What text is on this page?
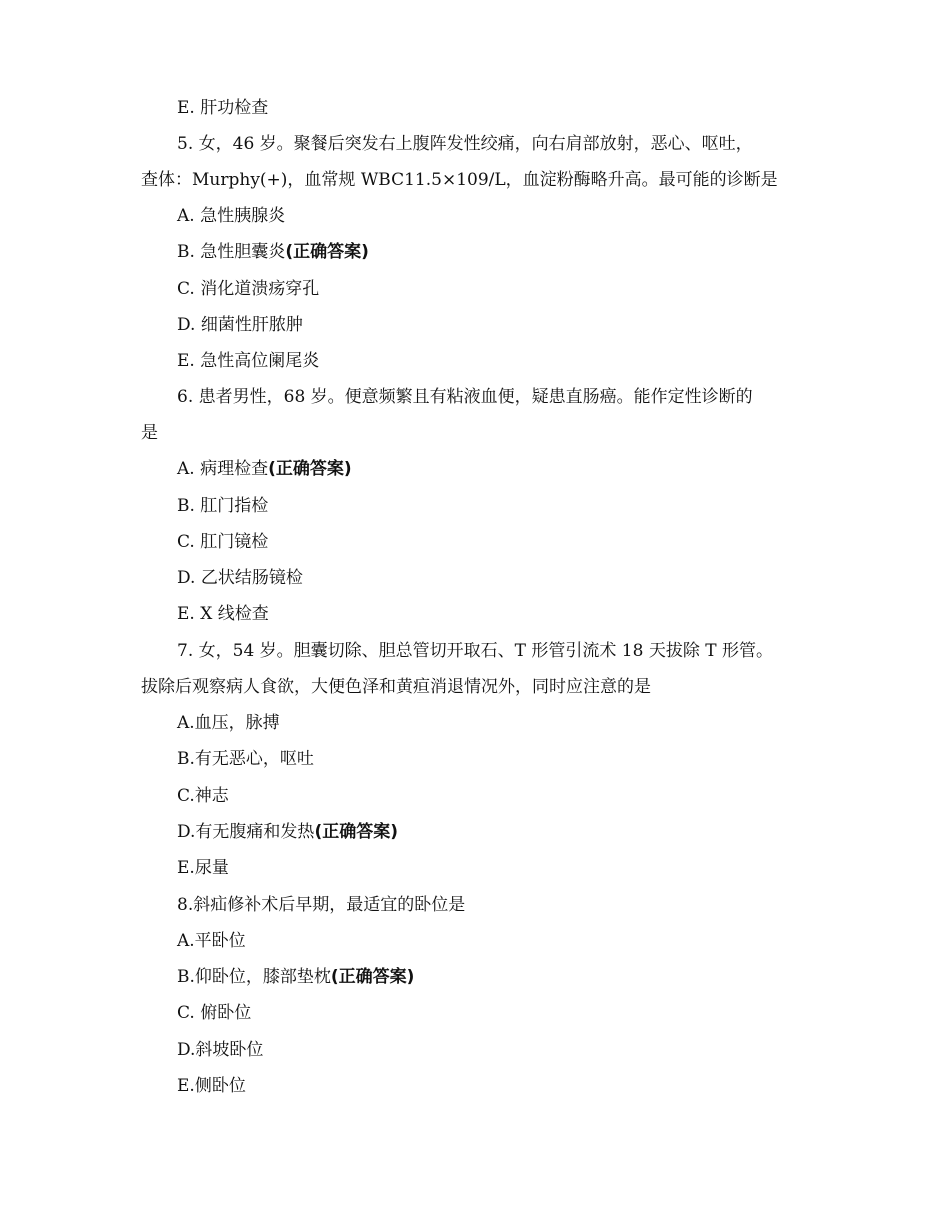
E. 肝功检查
5. 女，46 岁。聚餐后突发右上腹阵发性绞痛，向右肩部放射，恶心、呕吐，
查体：Murphy(+)，血常规 WBC11.5×109/L，血淀粉酶略升高。最可能的诊断是
A. 急性胰腺炎
B. 急性胆囊炎(正确答案)
C. 消化道溃疡穿孔
D. 细菌性肝脓肿
E. 急性高位阑尾炎
6. 患者男性，68 岁。便意频繁且有粘液血便，疑患直肠癌。能作定性诊断的
是
A. 病理检查(正确答案)
B. 肛门指检
C. 肛门镜检
D. 乙状结肠镜检
E. X 线检查
7. 女，54 岁。胆囊切除、胆总管切开取石、T 形管引流术 18 天拔除 T 形管。
拔除后观察病人食欲，大便色泽和黄疸消退情况外，同时应注意的是
A.血压，脉搏
B.有无恶心，呕吐
C.神志
D.有无腹痛和发热(正确答案)
E.尿量
8.斜疝修补术后早期，最适宜的卧位是
A.平卧位
B.仰卧位，膝部垫枕(正确答案)
C. 俯卧位
D.斜坡卧位
E.侧卧位
